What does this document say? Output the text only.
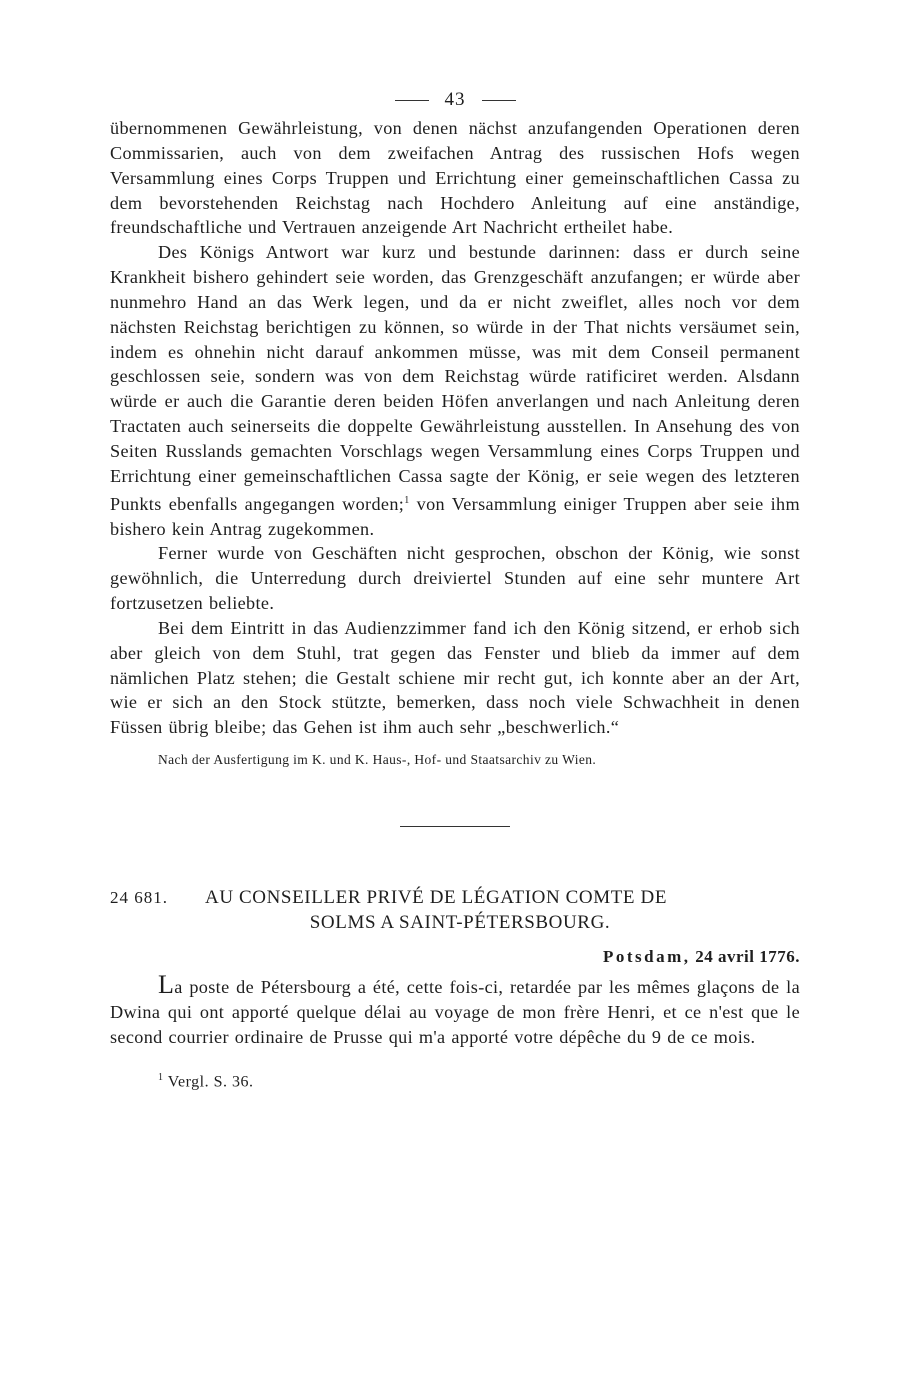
43

übernommenen Gewährleistung, von denen nächst anzufangenden Operationen deren Commissarien, auch von dem zweifachen Antrag des russischen Hofs wegen Versammlung eines Corps Truppen und Errichtung einer gemeinschaftlichen Cassa zu dem bevorstehenden Reichstag nach Hochdero Anleitung auf eine anständige, freundschaftliche und Vertrauen anzeigende Art Nachricht ertheilet habe.

Des Königs Antwort war kurz und bestunde darinnen: dass er durch seine Krankheit bishero gehindert seie worden, das Grenzgeschäft anzufangen; er würde aber nunmehro Hand an das Werk legen, und da er nicht zweiflet, alles noch vor dem nächsten Reichstag berichtigen zu können, so würde in der That nichts versäumet sein, indem es ohnehin nicht darauf ankommen müsse, was mit dem Conseil permanent geschlossen seie, sondern was von dem Reichstag würde ratificiret werden. Alsdann würde er auch die Garantie deren beiden Höfen anverlangen und nach Anleitung deren Tractaten auch seinerseits die doppelte Gewährleistung ausstellen. In Ansehung des von Seiten Russlands gemachten Vorschlags wegen Versammlung eines Corps Truppen und Errichtung einer gemeinschaftlichen Cassa sagte der König, er seie wegen des letzteren Punkts ebenfalls angegangen worden;$^1$ von Versammlung einiger Truppen aber seie ihm bishero kein Antrag zugekommen.

Ferner wurde von Geschäften nicht gesprochen, obschon der König, wie sonst gewöhnlich, die Unterredung durch dreiviertel Stunden auf eine sehr muntere Art fortzusetzen beliebte.

Bei dem Eintritt in das Audienzzimmer fand ich den König sitzend, er erhob sich aber gleich von dem Stuhl, trat gegen das Fenster und blieb da immer auf dem nämlichen Platz stehen; die Gestalt schiene mir recht gut, ich konnte aber an der Art, wie er sich an den Stock stützte, bemerken, dass noch viele Schwachheit in denen Füssen übrig bleibe; das Gehen ist ihm auch sehr „beschwerlich.“

Nach der Ausfertigung im K. und K. Haus-, Hof- und Staatsarchiv zu Wien.
24 681.	AU CONSEILLER PRIVÉ DE LÉGATION COMTE DE
SOLMS A SAINT-PÉTERSBOURG.
Potsdam, 24 avril 1776.

La poste de Pétersbourg a été, cette fois-ci, retardée par les mêmes glaçons de la Dwina qui ont apporté quelque délai au voyage de mon frère Henri, et ce n'est que le second courrier ordinaire de Prusse qui m'a apporté votre dépêche du 9 de ce mois.

$^1$ Vergl. S. 36.
